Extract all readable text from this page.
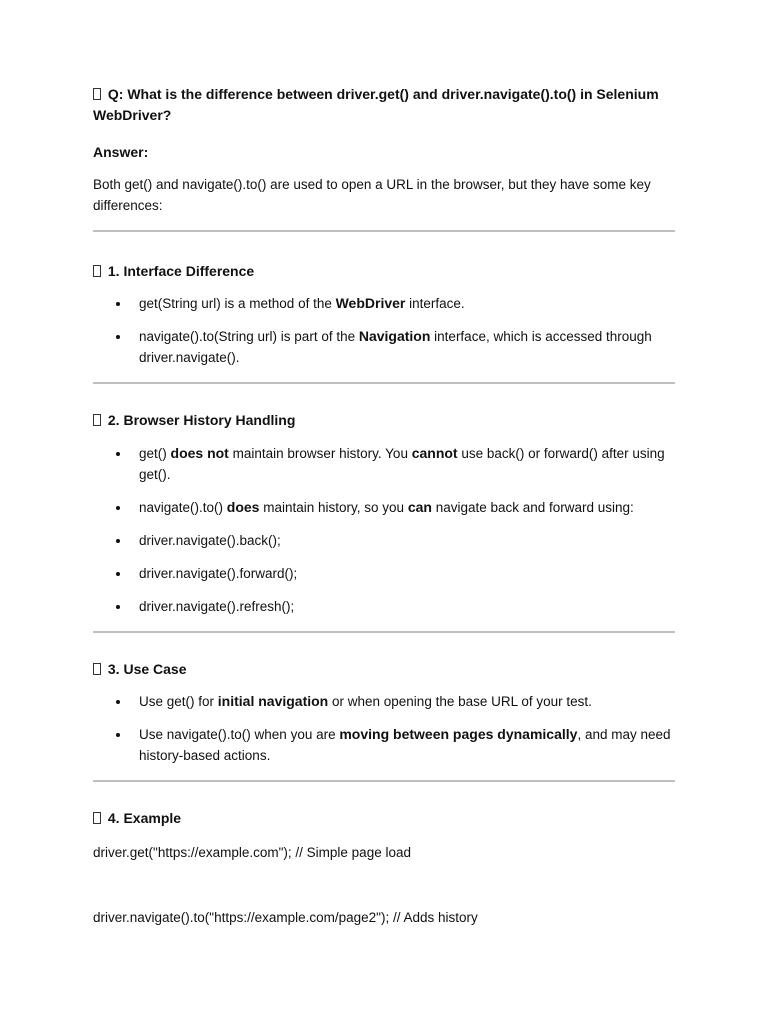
Q: What is the difference between driver.get() and driver.navigate().to() in Selenium WebDriver?

Answer:

Both get() and navigate().to() are used to open a URL in the browser, but they have some key differences:

1. Interface Difference

get(String url) is a method of the WebDriver interface.
navigate().to(String url) is part of the Navigation interface, which is accessed through driver.navigate().

2. Browser History Handling

get() does not maintain browser history. You cannot use back() or forward() after using get().
navigate().to() does maintain history, so you can navigate back and forward using:
driver.navigate().back();
driver.navigate().forward();
driver.navigate().refresh();

3. Use Case

Use get() for initial navigation or when opening the base URL of your test.
Use navigate().to() when you are moving between pages dynamically, and may need history-based actions.

4. Example

driver.get("https://example.com"); // Simple page load

driver.navigate().to("https://example.com/page2"); // Adds history
